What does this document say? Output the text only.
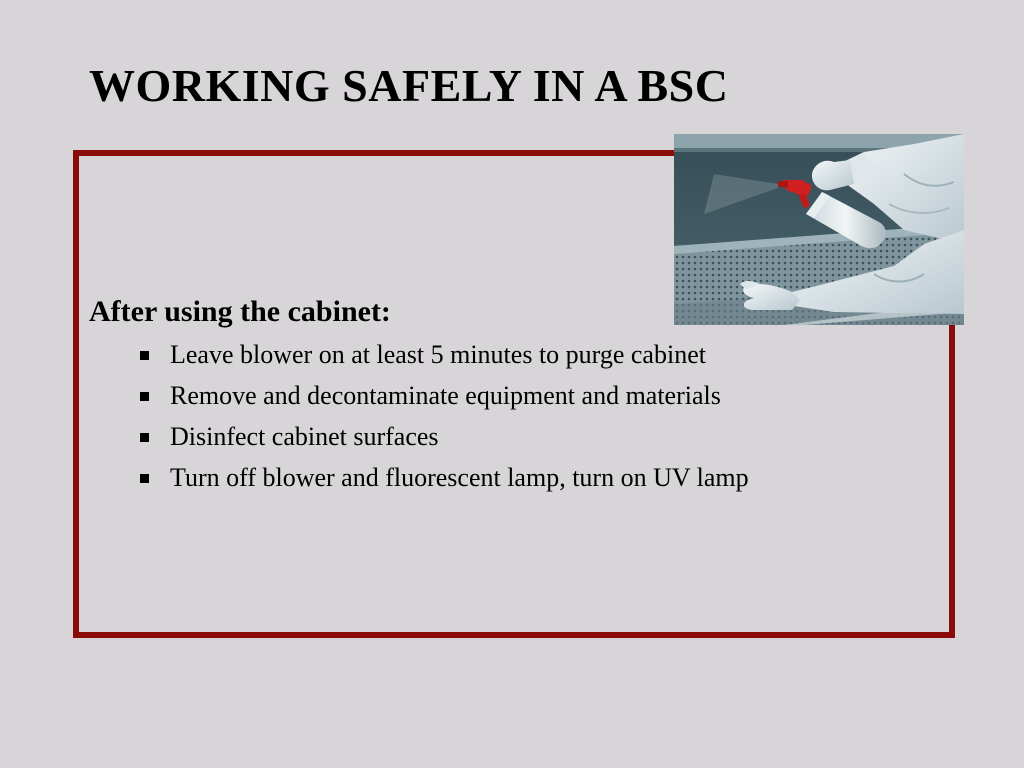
WORKING SAFELY IN A BSC
After using the cabinet:
Leave blower on at least 5 minutes to purge cabinet
Remove and decontaminate equipment and materials
Disinfect cabinet surfaces
Turn off blower and fluorescent lamp, turn on UV lamp
